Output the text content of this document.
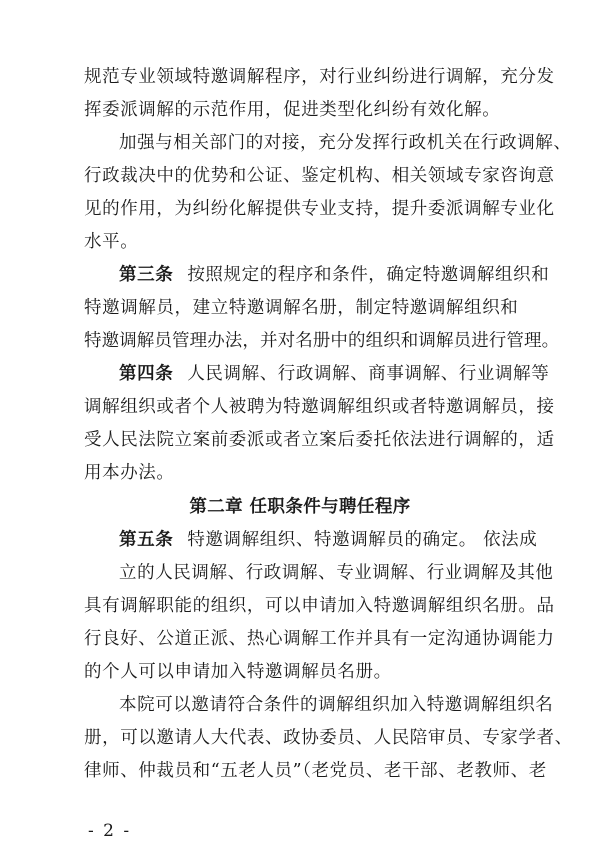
规范专业领域特邀调解程序，对行业纠纷进行调解，充分发
挥委派调解的示范作用，促进类型化纠纷有效化解。
加强与相关部门的对接，充分发挥行政机关在行政调解、
行政裁决中的优势和公证、鉴定机构、相关领域专家咨询意
见的作用，为纠纷化解提供专业支持，提升委派调解专业化
水平。
第三条 按照规定的程序和条件，确定特邀调解组织和
特邀调解员，建立特邀调解名册，制定特邀调解组织和
特邀调解员管理办法，并对名册中的组织和调解员进行管理。
第四条 人民调解、行政调解、商事调解、行业调解等
调解组织或者个人被聘为特邀调解组织或者特邀调解员，接
受人民法院立案前委派或者立案后委托依法进行调解的，适
用本办法。
第二章 任职条件与聘任程序
第五条 特邀调解组织、特邀调解员的确定。 依法成
立的人民调解、行政调解、专业调解、行业调解及其他
具有调解职能的组织，可以申请加入特邀调解组织名册。品
行良好、公道正派、热心调解工作并具有一定沟通协调能力
的个人可以申请加入特邀调解员名册。
本院可以邀请符合条件的调解组织加入特邀调解组织名
册，可以邀请人大代表、政协委员、人民陪审员、专家学者、
律师、仲裁员和“五老人员”（老党员、老干部、老教师、老
- 2 -
